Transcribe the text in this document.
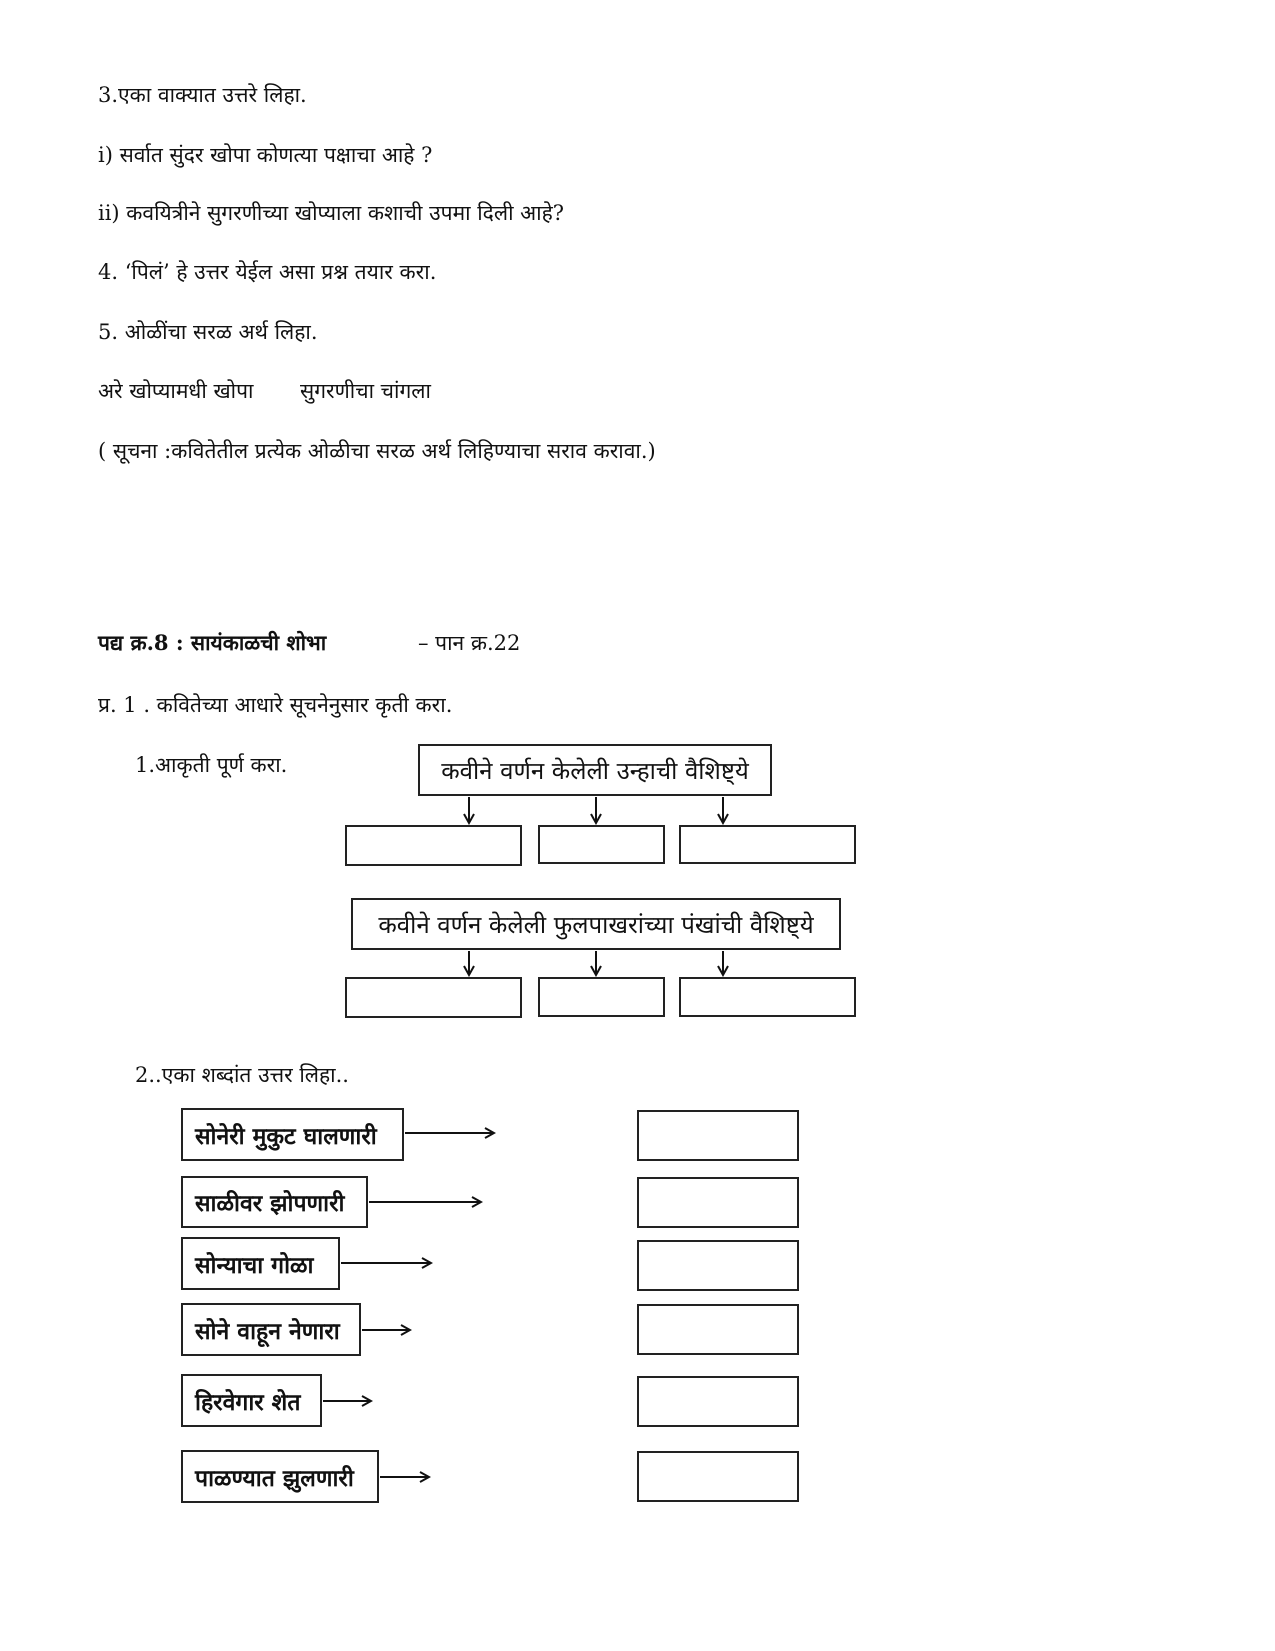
3.एका वाक्यात उत्तरे लिहा.
i) सर्वात सुंदर खोपा कोणत्या पक्षाचा आहे ?
ii) कवयित्रीने सुगरणीच्या खोप्याला कशाची उपमा दिली आहे?
4. ‘पिलं’ हे उत्तर येईल असा प्रश्न तयार करा.
5. ओळींचा सरळ अर्थ लिहा.
अरे खोप्यामधी खोपा सुगरणीचा चांगला
( सूचना :कवितेतील प्रत्येक ओळीचा सरळ अर्थ लिहिण्याचा सराव करावा.)
पद्य क्र.8 : सायंकाळची शोभा	– पान क्र.22
प्र. 1 . कवितेच्या आधारे सूचनेनुसार कृती करा.
1.आकृती पूर्ण करा.	कवीने वर्णन केलेली उन्हाची वैशिष्ट्ये
कवीने वर्णन केलेली फुलपाखरांच्या पंखांची वैशिष्ट्ये
2..एका शब्दांत उत्तर लिहा..
सोनेरी मुकुट घालणारी
साळीवर झोपणारी
सोन्याचा गोळा
सोने वाहून नेणारा
हिरवेगार शेत
पाळण्यात झुलणारी
